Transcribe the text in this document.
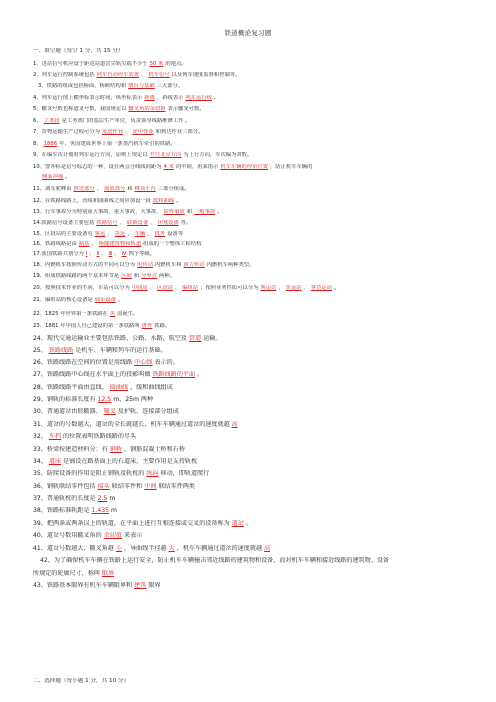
铁道概论复习题
一、填空题（每空 1 分，共 15 分）
1、进站信号机应设于距进站道岔尖轨尖端不少于 50 米 的地点。
2、列车运行控制系统包括 列车自动停车装置 、 机车信号 以及列车速度监督和控制等。
3、铁路的组成包括桥面、桥跨结构和 墩台与基础 三大部分。
4、列车运行图上横坐标表示时间，纵坐标表示 距离 ，斜线表示 列车运行线 。
5、辙叉号数也称道叉号数，我国规定以 辙叉角的余切值 表示辙叉号数。
6、 工务段 是工务部门的基层生产单位，负责领导线路维修工作 。
7、货物运输生产过程可分为 发送作业 、 途中作业 和到达作业三部分。
8、 1886 年，英国建成世界上第一条蒸汽机车牵引的铁路。
9、在编车次计划时列车运行方向，原则上规定以 开往北京方向 为上行方向，车次编为双数。
10、警冲标是信号标志的一种，设在两会合线线间距为 4 米 的中间，用来指示 机车车辆的停留位置 ，防止机车车辆的
侧面冲撞 。
11、调车驼峰由 推送部分 、 溜放部分 和 峰顶平台 三部分组成。
12、在铁路线路上，直线和圆曲线之间应加设一段 缓和曲线 。
13、行车事故分为特别重大事故、重大事故、大事故、 险性事故 和 一般事故 。
14.铁路信号设备主要包括 铁路信号 、 联锁设备 、 闭塞设备 等。
15、区段站的主要设备有 客运 、 货运 、 车辆 、 机务 设备等
16、铁路线路是由 路基 、 桥隧建筑物和轨道 组成的一个整体工程结构
17.我国铁路共划分为 Ⅰ 、 Ⅱ 、 Ⅲ 、 Ⅳ 四个等级。
18、内燃机车按照传动方式的不同可以分为 电传动 内燃机车和 液力传动 内燃机车两种类型。
19、组成铁路线路的两个基本环节是 区间 和 分界点 两种。
20、按照技术作业的不同，车站可以分为 中间站 、 区段站 、 编组站 ；按照业务性质可以分为 客运站 、 货运站 、 客货运站 。
21、编组站的核心设备是 调车设备 。
22、1825 年世界第一条铁路在 英 国诞生。
23、1881 年中国人自己建设的第一条铁路叫 唐胥 铁路。
24、现代交通运输业主要包括铁路、公路、水路、航空及 管道 运输。
25、 铁路线路 是机车、车辆和列车的运行基础。
26、铁路线路在空间的位置是用线路 中心线 表示的。
27、铁路线路中心线在水平面上的投影叫做 铁路线路的平面 。
28、铁路线路平面由直线、 圆曲线 、缓和曲线组成
29、钢轨的标准长度有 12.5 m、25m 两种
30、普通道岔由转辙器、 辙叉 及护轨、连接部分组成
31、道岔的号数越大，道岔的全长就越长，机车车辆通过道岔的速度就越 高
32、 车档 的位置表明铁路线路的尽头
33、桥梁按建造材料分：有 钢桥 、钢筋混凝土桥和石桥
34、 道床 是铺设在路基面上的石道床，主要作用是支持轨枕
35、防爬设备的作用是阻止钢轨及轨枕的 纵向 移动，即轨道爬行
36、钢轨联结零件包括 接头 联结零件和 中间 联结零件两类
37、普通轨枕的长度是 2.5 m
38、铁路标准轨距是 1.435 m
39、把两条或两条以上的轨道，在平面上进行互相连接或交叉的设备称为 道岔 。
40、道岔号数用辙叉角的 余切值 来表示
41、道岔号数越大，辙叉角越 小 ，导曲线半径越 大 ，机车车辆通过道岔的速度就越 高
42、为了确保机车车辆在铁路上运行安全，防止机车车辆撞击邻近线路的建筑物和设备，而对机车车辆和接近线路的建筑物、设备
所规定的轮廓尺寸，称叫 限界
43、铁路基本限界有机车车辆限界和 建筑 限界
二、选择题（每小题 1 分，共 10 分）
